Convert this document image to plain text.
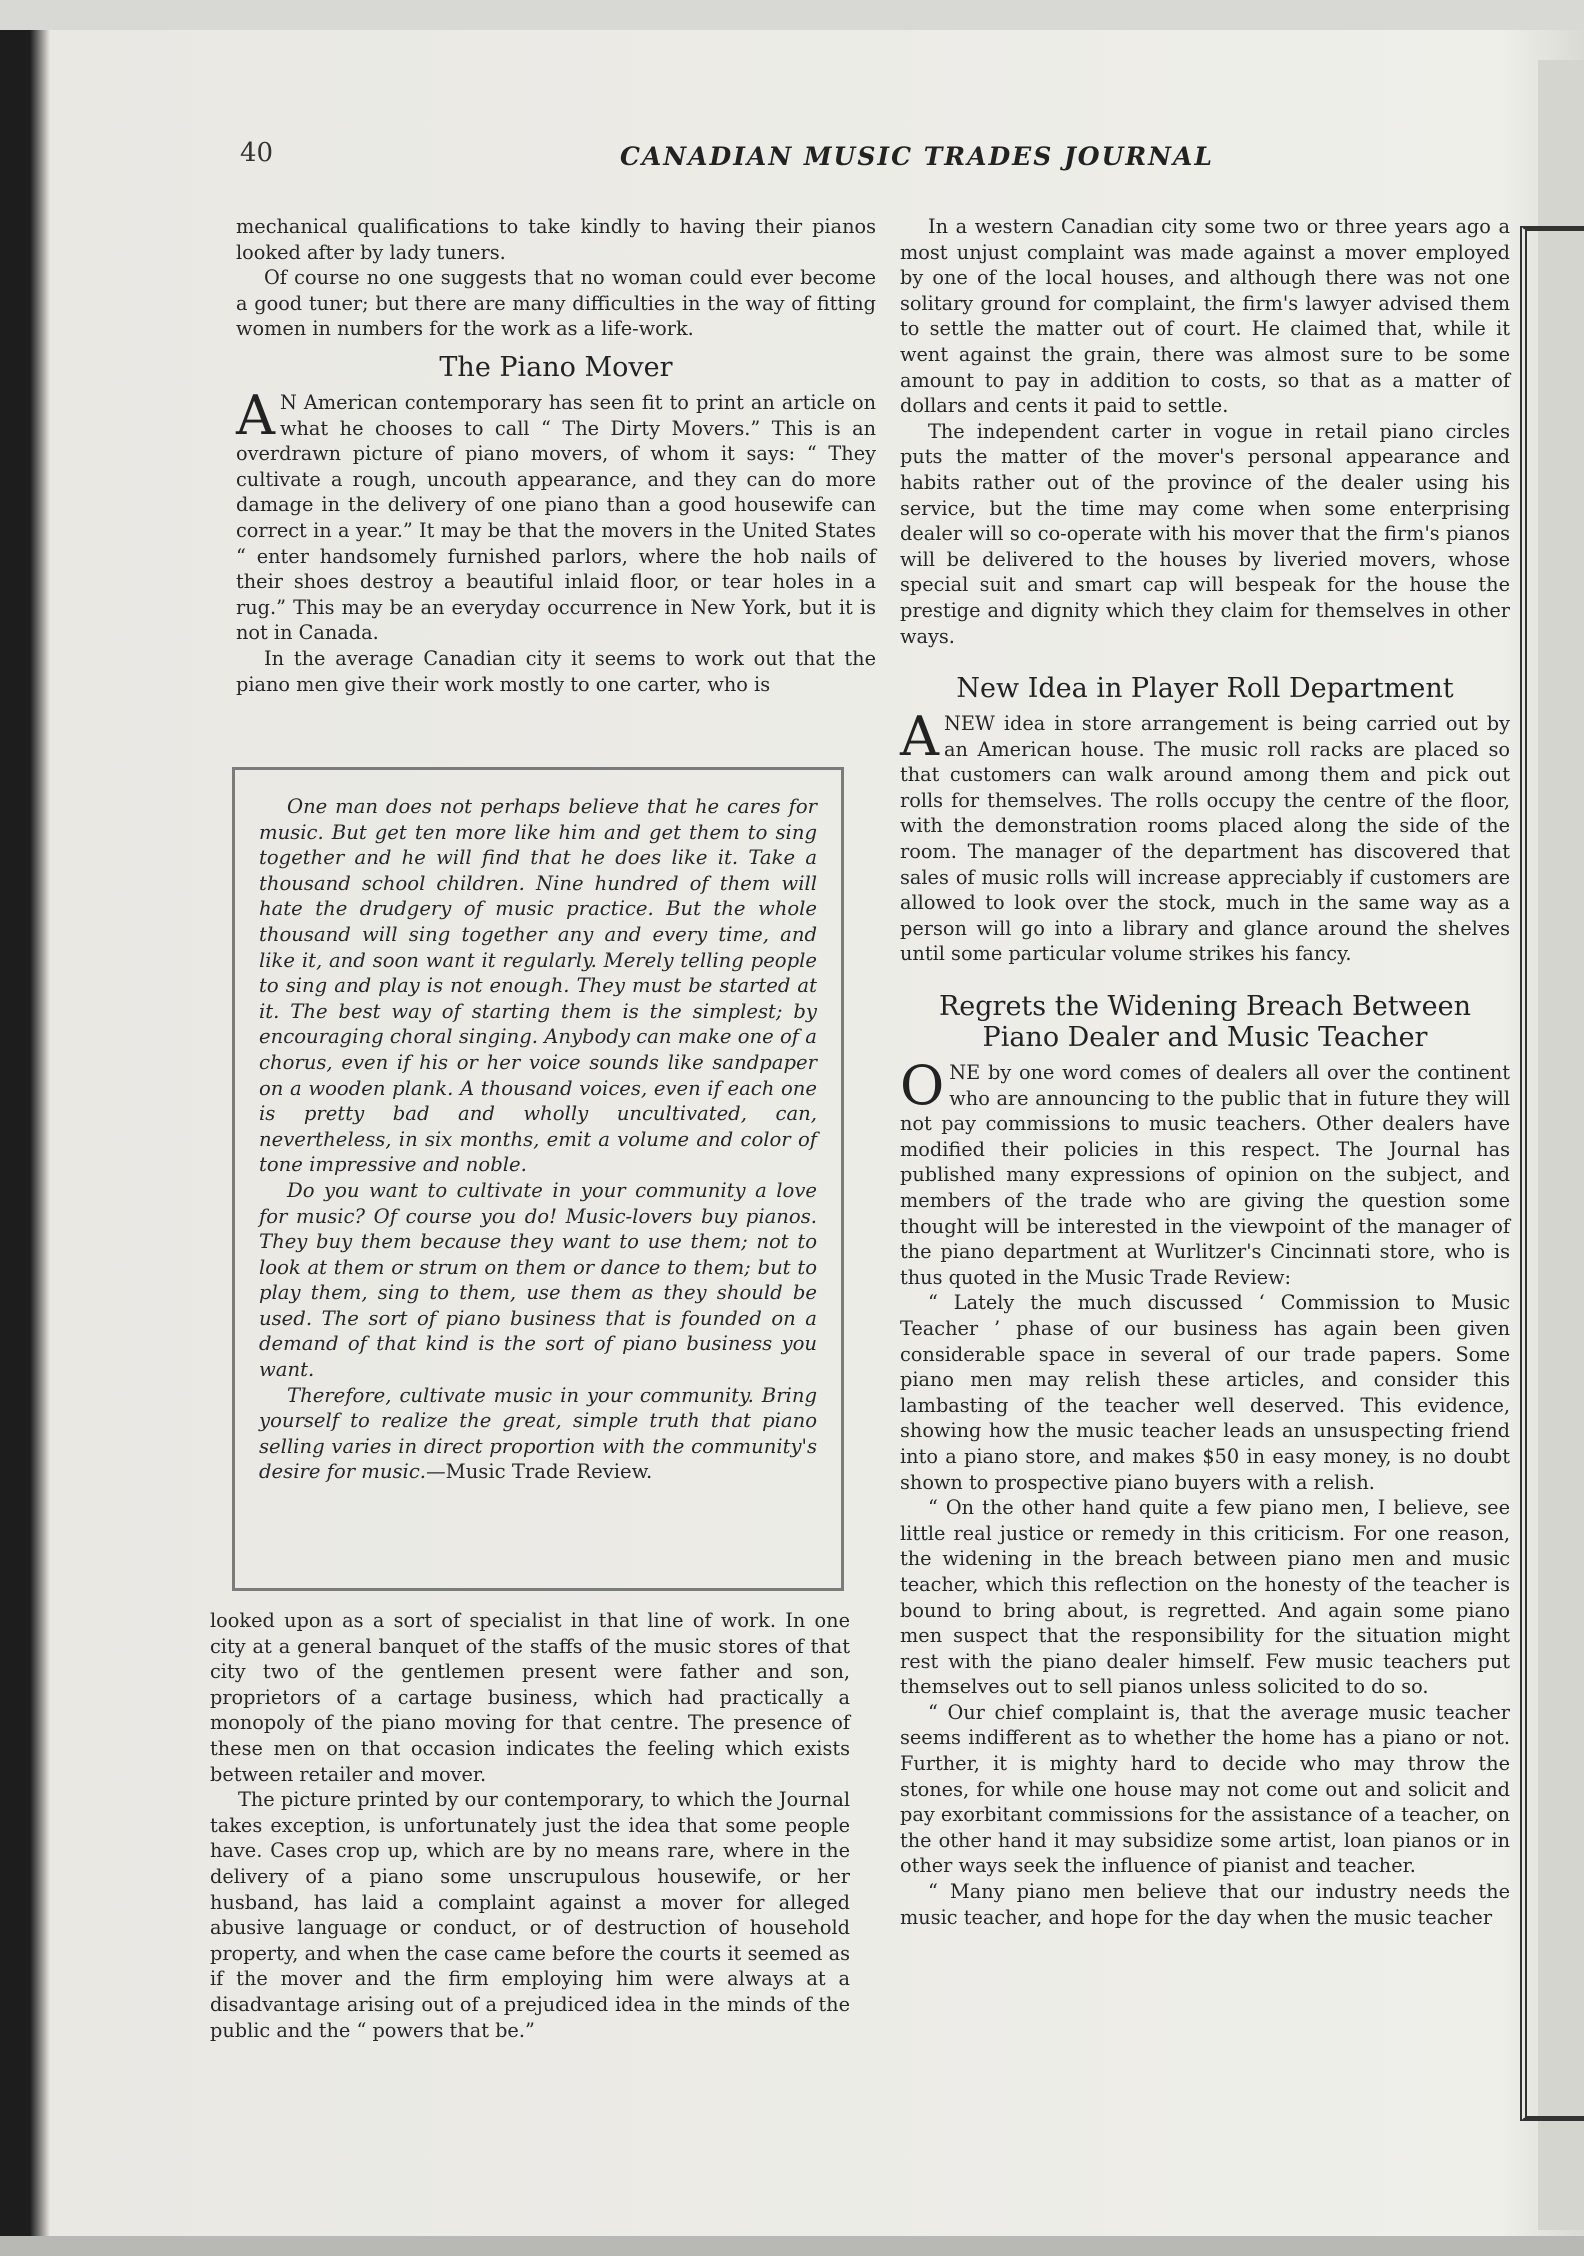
40	CANADIAN MUSIC TRADES JOURNAL

mechanical qualifications to take kindly to having their pianos looked after by lady tuners.

Of course no one suggests that no woman could ever become a good tuner; but there are many difficulties in the way of fitting women in numbers for the work as a life-work.

The Piano Mover

A N American contemporary has seen fit to print an article on what he chooses to call “ The Dirty Movers.” This is an overdrawn picture of piano movers, of whom it says: “ They cultivate a rough, uncouth appearance, and they can do more damage in the delivery of one piano than a good housewife can correct in a year.” It may be that the movers in the United States “ enter handsomely furnished parlors, where the hob nails of their shoes destroy a beautiful inlaid floor, or tear holes in a rug.” This may be an everyday occurrence in New York, but it is not in Canada.

In the average Canadian city it seems to work out that the piano men give their work mostly to one carter, who is

One man does not perhaps believe that he cares for music. But get ten more like him and get them to sing together and he will find that he does like it. Take a thousand school children. Nine hundred of them will hate the drudgery of music practice. But the whole thousand will sing together any and every time, and like it, and soon want it regularly. Merely telling people to sing and play is not enough. They must be started at it. The best way of starting them is the simplest; by encouraging choral singing. Anybody can make one of a chorus, even if his or her voice sounds like sandpaper on a wooden plank. A thousand voices, even if each one is pretty bad and wholly uncultivated, can, nevertheless, in six months, emit a volume and color of tone impressive and noble.

Do you want to cultivate in your community a love for music? Of course you do! Music-lovers buy pianos. They buy them because they want to use them; not to look at them or strum on them or dance to them; but to play them, sing to them, use them as they should be used. The sort of piano business that is founded on a demand of that kind is the sort of piano business you want.

Therefore, cultivate music in your community. Bring yourself to realize the great, simple truth that piano selling varies in direct proportion with the community's desire for music.—Music Trade Review.

looked upon as a sort of specialist in that line of work. In one city at a general banquet of the staffs of the music stores of that city two of the gentlemen present were father and son, proprietors of a cartage business, which had practically a monopoly of the piano moving for that centre. The presence of these men on that occasion indicates the feeling which exists between retailer and mover.

The picture printed by our contemporary, to which the Journal takes exception, is unfortunately just the idea that some people have. Cases crop up, which are by no means rare, where in the delivery of a piano some unscrupulous housewife, or her husband, has laid a complaint against a mover for alleged abusive language or conduct, or of destruction of household property, and when the case came before the courts it seemed as if the mover and the firm employing him were always at a disadvantage arising out of a prejudiced idea in the minds of the public and the “ powers that be.”

In a western Canadian city some two or three years ago a most unjust complaint was made against a mover employed by one of the local houses, and although there was not one solitary ground for complaint, the firm's lawyer advised them to settle the matter out of court. He claimed that, while it went against the grain, there was almost sure to be some amount to pay in addition to costs, so that as a matter of dollars and cents it paid to settle.

The independent carter in vogue in retail piano circles puts the matter of the mover's personal appearance and habits rather out of the province of the dealer using his service, but the time may come when some enterprising dealer will so co-operate with his mover that the firm's pianos will be delivered to the houses by liveried movers, whose special suit and smart cap will bespeak for the house the prestige and dignity which they claim for themselves in other ways.

New Idea in Player Roll Department

ANEW idea in store arrangement is being carried out by an American house. The music roll racks are placed so that customers can walk around among them and pick out rolls for themselves. The rolls occupy the centre of the floor, with the demonstration rooms placed along the side of the room. The manager of the department has discovered that sales of music rolls will increase appreciably if customers are allowed to look over the stock, much in the same way as a person will go into a library and glance around the shelves until some particular volume strikes his fancy.

Regrets the Widening Breach Between Piano Dealer and Music Teacher

ONE by one word comes of dealers all over the continent who are announcing to the public that in future they will not pay commissions to music teachers. Other dealers have modified their policies in this respect. The Journal has published many expressions of opinion on the subject, and members of the trade who are giving the question some thought will be interested in the viewpoint of the manager of the piano department at Wurlitzer's Cincinnati store, who is thus quoted in the Music Trade Review:

“ Lately the much discussed ‘ Commission to Music Teacher ’ phase of our business has again been given considerable space in several of our trade papers. Some piano men may relish these articles, and consider this lambasting of the teacher well deserved. This evidence, showing how the music teacher leads an unsuspecting friend into a piano store, and makes $50 in easy money, is no doubt shown to prospective piano buyers with a relish.

“ On the other hand quite a few piano men, I believe, see little real justice or remedy in this criticism. For one reason, the widening in the breach between piano men and music teacher, which this reflection on the honesty of the teacher is bound to bring about, is regretted. And again some piano men suspect that the responsibility for the situation might rest with the piano dealer himself. Few music teachers put themselves out to sell pianos unless solicited to do so.

“ Our chief complaint is, that the average music teacher seems indifferent as to whether the home has a piano or not. Further, it is mighty hard to decide who may throw the stones, for while one house may not come out and solicit and pay exorbitant commissions for the assistance of a teacher, on the other hand it may subsidize some artist, loan pianos or in other ways seek the influence of pianist and teacher.

“ Many piano men believe that our industry needs the music teacher, and hope for the day when the music teacher
